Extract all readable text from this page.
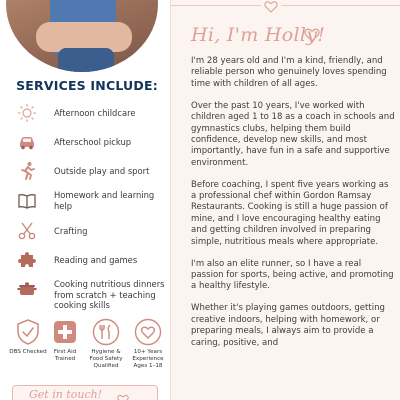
SERVICES INCLUDE:
Afternoon childcare
Afterschool pickup
Outside play and sport
Homework and learning help
Crafting
Reading and games
Cooking nutritious dinners from scratch + teaching cooking skills
DBS Checked	First Aid Trained
Hygiene & Food Safety Qualified
10+ Years Experience Ages 1–18
Get in touch!
Hi, I'm Holly!

I'm 28 years old and I'm a kind, friendly, and reliable person who genuinely loves spending time with children of all ages.

Over the past 10 years, I've worked with children aged 1 to 18 as a coach in schools and gymnastics clubs, helping them build confidence, develop new skills, and most importantly, have fun in a safe and supportive environment.

Before coaching, I spent five years working as a professional chef within Gordon Ramsay Restaurants. Cooking is still a huge passion of mine, and I love encouraging healthy eating and getting children involved in preparing simple, nutritious meals where appropriate.

I'm also an elite runner, so I have a real passion for sports, being active, and promoting a healthy lifestyle.

Whether it's playing games outdoors, getting creative indoors, helping with homework, or preparing meals, I always aim to provide a caring, positive, and
